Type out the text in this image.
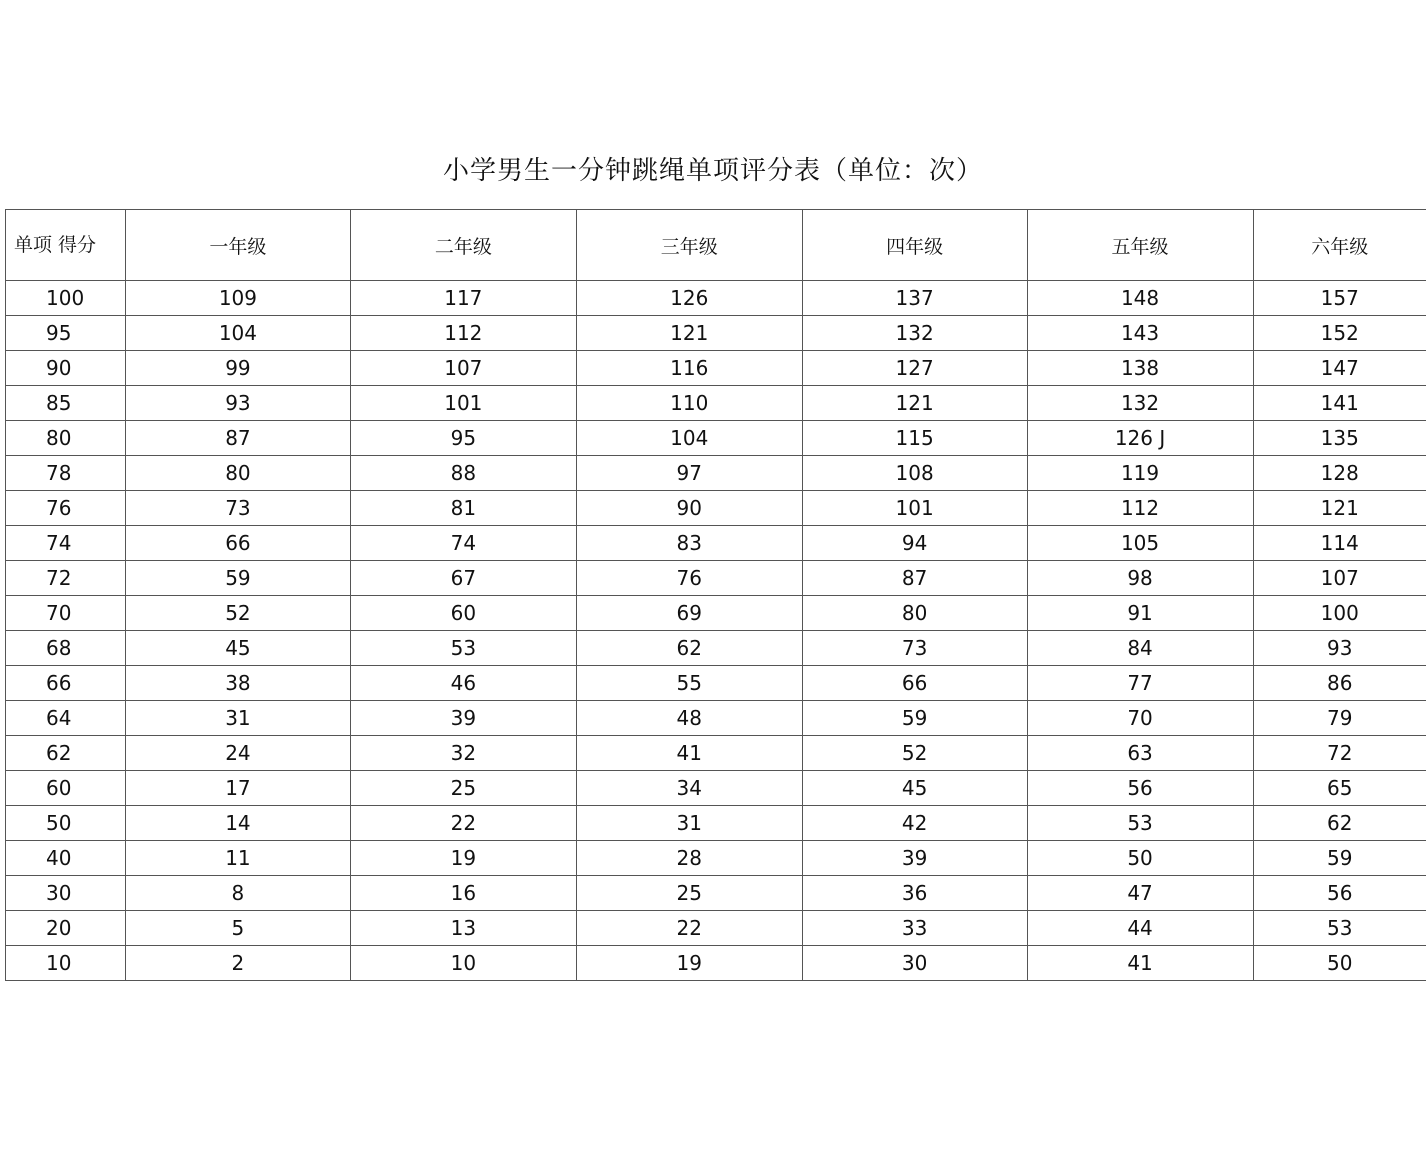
小学男生一分钟跳绳单项评分表（单位：次）
单项 得分	一年级	二年级	三年级	四年级	五年级	六年级
100	109	117	126	137	148	157
95	104	112	121	132	143	152
90	99	107	116	127	138	147
85	93	101	110	121	132	141
80	87	95	104	115	126 J	135
78	80	88	97	108	119	128
76	73	81	90	101	112	121
74	66	74	83	94	105	114
72	59	67	76	87	98	107
70	52	60	69	80	91	100
68	45	53	62	73	84	93
66	38	46	55	66	77	86
64	31	39	48	59	70	79
62	24	32	41	52	63	72
60	17	25	34	45	56	65
50	14	22	31	42	53	62
40	11	19	28	39	50	59
30	8	16	25	36	47	56
20	5	13	22	33	44	53
10	2	10	19	30	41	50
